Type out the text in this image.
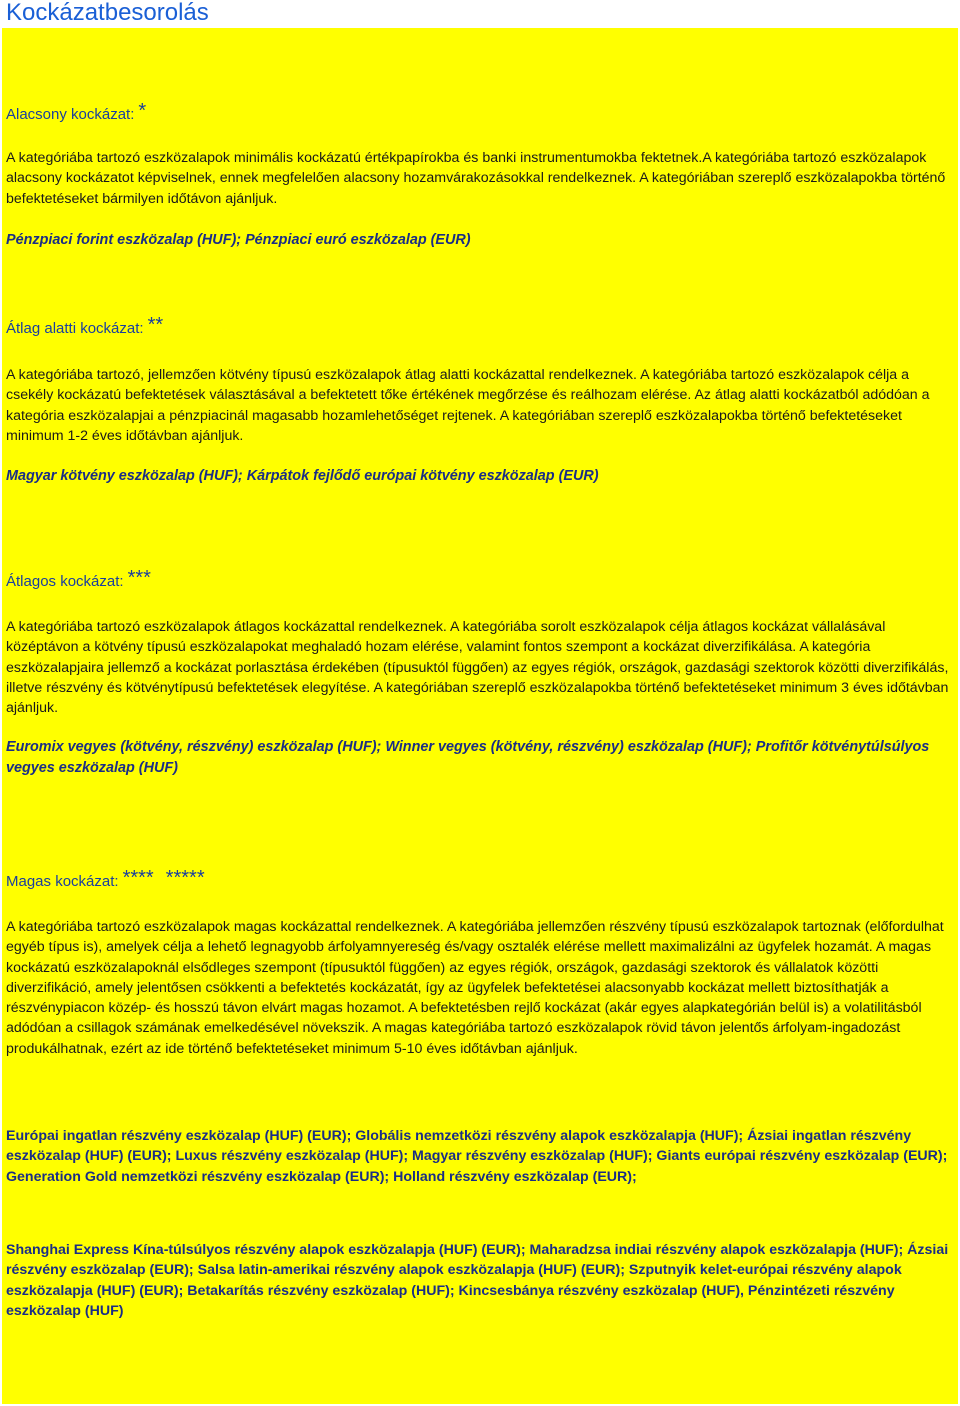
Kockázatbesorolás

Alacsony kockázat: *

A kategóriába tartozó eszközalapok minimális kockázatú értékpapírokba és banki instrumentumokba fektetnek.A kategóriába tartozó eszközalapok alacsony kockázatot képviselnek, ennek megfelelően alacsony hozamvárakozásokkal rendelkeznek. A kategóriában szereplő eszközalapokba történő befektetéseket bármilyen időtávon ajánljuk.

Pénzpiaci forint eszközalap (HUF); Pénzpiaci euró eszközalap (EUR)

Átlag alatti kockázat: **

A kategóriába tartozó, jellemzően kötvény típusú eszközalapok átlag alatti kockázattal rendelkeznek. A kategóriába tartozó eszközalapok célja a csekély kockázatú befektetések választásával a befektetett tőke értékének megőrzése és reálhozam elérése. Az átlag alatti kockázatból adódóan a kategória eszközalapjai a pénzpiacinál magasabb hozamlehetőséget rejtenek. A kategóriában szereplő eszközalapokba történő befektetéseket minimum 1-2 éves időtávban ajánljuk.

Magyar kötvény eszközalap (HUF); Kárpátok fejlődő európai kötvény eszközalap (EUR)

Átlagos kockázat: ***

A kategóriába tartozó eszközalapok átlagos kockázattal rendelkeznek. A kategóriába sorolt eszközalapok célja átlagos kockázat vállalásával középtávon a kötvény típusú eszközalapokat meghaladó hozam elérése, valamint fontos szempont a kockázat diverzifikálása. A kategória eszközalapjaira jellemző a kockázat porlasztása érdekében (típusuktól függően) az egyes régiók, országok, gazdasági szektorok közötti diverzifikálás, illetve részvény és kötvénytípusú befektetések elegyítése. A kategóriában szereplő eszközalapokba történő befektetéseket minimum 3 éves időtávban ajánljuk.

Euromix vegyes (kötvény, részvény) eszközalap (HUF); Winner vegyes (kötvény, részvény) eszközalap (HUF); Profitőr kötvénytúlsúlyos vegyes eszközalap (HUF)

Magas kockázat: **** *****

A kategóriába tartozó eszközalapok magas kockázattal rendelkeznek. A kategóriába jellemzően részvény típusú eszközalapok tartoznak (előfordulhat egyéb típus is), amelyek célja a lehető legnagyobb árfolyamnyereség és/vagy osztalék elérése mellett maximalizálni az ügyfelek hozamát. A magas kockázatú eszközalapoknál elsődleges szempont (típusuktól függően) az egyes régiók, országok, gazdasági szektorok és vállalatok közötti diverzifikáció, amely jelentősen csökkenti a befektetés kockázatát, így az ügyfelek befektetései alacsonyabb kockázat mellett biztosíthatják a részvénypiacon közép- és hosszú távon elvárt magas hozamot. A befektetésben rejlő kockázat (akár egyes alapkategórián belül is) a volatilitásból adódóan a csillagok számának emelkedésével növekszik. A magas kategóriába tartozó eszközalapok rövid távon jelentős árfolyam-ingadozást produkálhatnak, ezért az ide történő befektetéseket minimum 5-10 éves időtávban ajánljuk.

Európai ingatlan részvény eszközalap (HUF) (EUR); Globális nemzetközi részvény alapok eszközalapja (HUF); Ázsiai ingatlan részvény eszközalap (HUF) (EUR); Luxus részvény eszközalap (HUF); Magyar részvény eszközalap (HUF); Giants európai részvény eszközalap (EUR); Generation Gold nemzetközi részvény eszközalap (EUR); Holland részvény eszközalap (EUR);

Shanghai Express Kína-túlsúlyos részvény alapok eszközalapja (HUF) (EUR); Maharadzsa indiai részvény alapok eszközalapja (HUF); Ázsiai részvény eszközalap (EUR); Salsa latin-amerikai részvény alapok eszközalapja (HUF) (EUR); Szputnyik kelet-európai részvény alapok eszközalapja (HUF) (EUR); Betakarítás részvény eszközalap (HUF); Kincsesbánya részvény eszközalap (HUF), Pénzintézeti részvény eszközalap (HUF)
